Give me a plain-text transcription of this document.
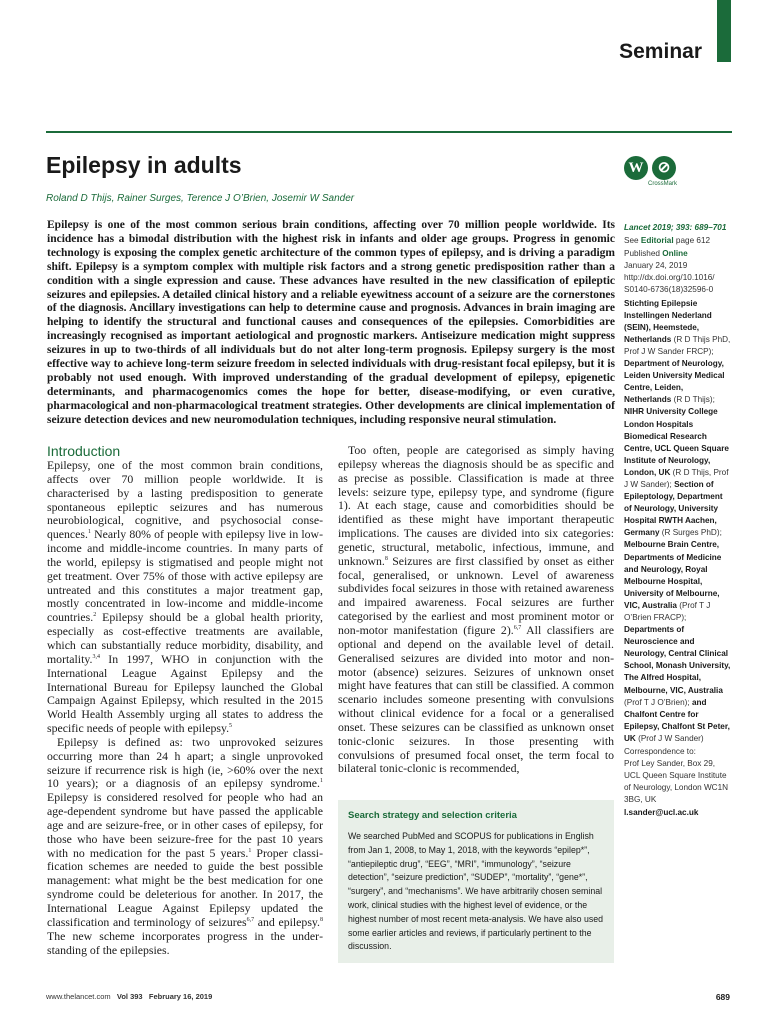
Seminar
Epilepsy in adults
Roland D Thijs, Rainer Surges, Terence J O’Brien, Josemir W Sander
W ⊘
CrossMark
Epilepsy is one of the most common serious brain conditions, affecting over 70 million people worldwide. Its incidence has a bimodal distribution with the highest risk in infants and older age groups. Progress in genomic technology is exposing the complex genetic architecture of the common types of epilepsy, and is driving a paradigm shift. Epilepsy is a symptom complex with multiple risk factors and a strong genetic predisposition rather than a condition with a single expression and cause. These advances have resulted in the new classification of epileptic seizures and epilepsies. A detailed clinical history and a reliable eyewitness account of a seizure are the cornerstones of the diagnosis. Ancillary investigations can help to determine cause and prognosis. Advances in brain imaging are helping to identify the structural and functional causes and consequences of the epilepsies. Comorbidities are increasingly recognised as important aetiological and prognostic markers. Antiseizure medication might suppress seizures in up to two-thirds of all individuals but do not alter long-term prognosis. Epilepsy surgery is the most effective way to achieve long-term seizure freedom in selected individuals with drug-resistant focal epilepsy, but it is probably not used enough. With improved understanding of the gradual development of epilepsy, epigenetic determinants, and pharmacogenomics comes the hope for better, disease-modifying, or even curative, pharmacological and non-pharmacological treatment strategies. Other developments are clinical implementation of seizure detection devices and new neuromodulation techniques, including responsive neural stimulation.

Lancet 2019; 393: 689–701

See Editorial page 612

Published Online
January 24, 2019
http://dx.doi.org/10.1016/
S0140-6736(18)32596-0

Stichting Epilepsie Instellingen Nederland (SEIN), Heemstede, Netherlands (R D Thijs PhD, Prof J W Sander FRCP); Department of Neurology, Leiden University Medical Centre, Leiden, Netherlands (R D Thijs); NIHR University College London Hospitals Biomedical Research Centre, UCL Queen Square Institute of Neurology, London, UK (R D Thijs, Prof J W Sander); Section of Epileptology, Department of Neurology, University Hospital RWTH Aachen, Germany (R Surges PhD); Melbourne Brain Centre, Departments of Medicine and Neurology, Royal Melbourne Hospital, University of Melbourne, VIC, Australia (Prof T J O’Brien FRACP); Departments of Neuroscience and Neurology, Central Clinical School, Monash University, The Alfred Hospital, Melbourne, VIC, Australia (Prof T J O’Brien); and Chalfont Centre for Epilepsy, Chalfont St Peter, UK (Prof J W Sander)

Correspondence to:
Prof Ley Sander, Box 29,
UCL Queen Square Institute of Neurology, London WC1N 3BG, UK
l.sander@ucl.ac.uk

Introduction

Epilepsy, one of the most common brain conditions, affects over 70 million people worldwide. It is characterised by a lasting predisposition to generate spontaneous epileptic seizures and has numerous neurobiological, cognitive, and psychosocial consequences.$^1$ Nearly 80% of people with epilepsy live in low-income and middle-income countries. In many parts of the world, epilepsy is stigmatised and people might not get treatment. Over 75% of those with active epilepsy are untreated and this constitutes a major treatment gap, mostly concentrated in low-income and middle-income countries.$^2$ Epilepsy should be a global health priority, especially as cost-effective treatments are available, which can substantially reduce morbidity, disability, and mortality.$^{3,4}$ In 1997, WHO in conjunction with the International League Against Epilepsy and the International Bureau for Epilepsy launched the Global Campaign Against Epilepsy, which resulted in the 2015 World Health Assembly urging all states to address the specific needs of people with epilepsy.$^5$

Epilepsy is defined as: two unprovoked seizures occurring more than 24 h apart; a single unprovoked seizure if recurrence risk is high (ie, >60% over the next 10 years); or a diagnosis of an epilepsy syndrome.$^1$ Epilepsy is considered resolved for people who had an age-dependent syndrome but have passed the applicable age and are seizure-free, or in other cases of epilepsy, for those who have been seizure-free for the past 10 years with no medication for the past 5 years.$^1$ Proper classification schemes are needed to guide the best possible management: what might be the best medication for one syndrome could be deleterious for another. In 2017, the International League Against Epilepsy updated the classification and terminology of seizures$^{6,7}$ and epilepsy.$^8$ The new scheme incorporates progress in the understanding of the epilepsies.

Too often, people are categorised as simply having epilepsy whereas the diagnosis should be as specific and as precise as possible. Classification is made at three levels: seizure type, epilepsy type, and syndrome (figure 1). At each stage, cause and comorbidities should be identified as these might have important therapeutic implications. The causes are divided into six categories: genetic, structural, metabolic, infectious, immune, and unknown.$^8$ Seizures are first classified by onset as either focal, generalised, or unknown. Level of awareness subdivides focal seizures in those with retained awareness and impaired awareness. Focal seizures are further categorised by the earliest and most prominent motor or non-motor manifestation (figure 2).$^{6,7}$ All classifiers are optional and depend on the available level of detail. Generalised seizures are divided into motor and non-motor (absence) seizures. Seizures of unknown onset might have features that can still be classified. A common scenario includes someone presenting with convulsions without clinical evidence for a focal or a generalised onset. These seizures can be classified as unknown onset tonic-clonic seizures. In those presenting with convulsions of presumed focal onset, the term focal to bilateral tonic-clonic is recommended,

Search strategy and selection criteria
We searched PubMed and SCOPUS for publications in English from Jan 1, 2008, to May 1, 2018, with the keywords “epilep*”, “antiepileptic drug”, “EEG”, “MRI”, “immunology”, “seizure detection”, “seizure prediction”, “SUDEP”, “mortality”, “gene*”, “surgery”, and “mechanisms”. We have arbitrarily chosen seminal work, clinical studies with the highest level of evidence, or the highest number of most recent meta-analysis. We have also used some earlier articles and reviews, if particularly pertinent to the discussion.
www.thelancet.com Vol 393 February 16, 2019	689
